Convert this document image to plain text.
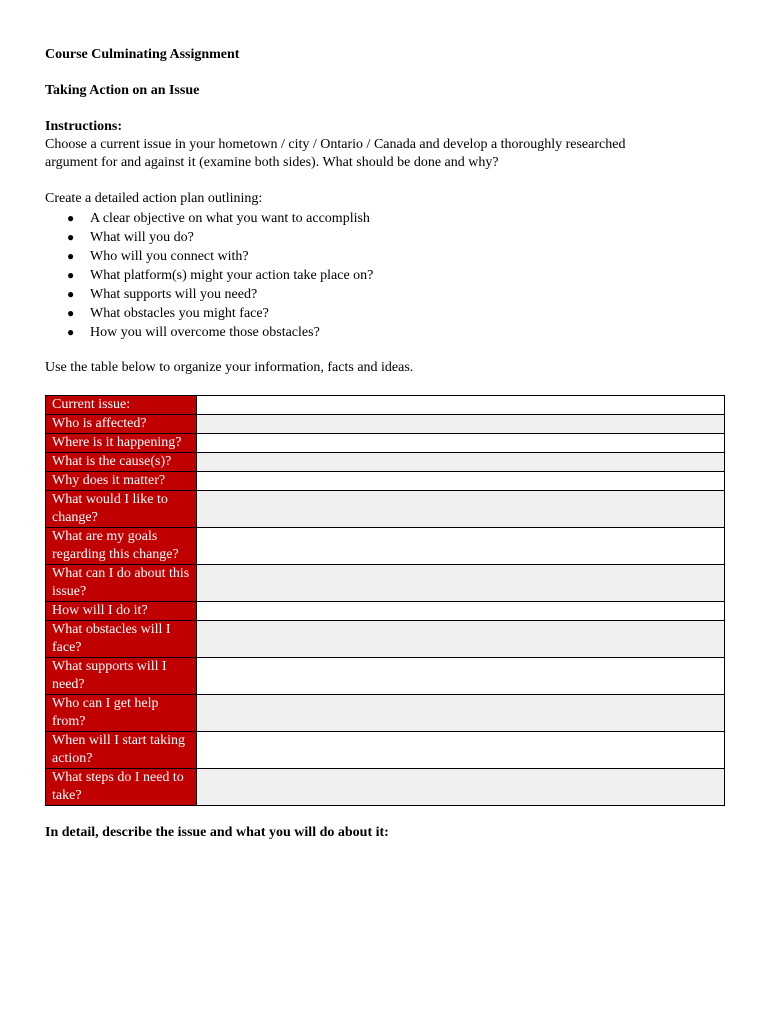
Course Culminating Assignment
Taking Action on an Issue
Instructions:
Choose a current issue in your hometown / city / Ontario / Canada and develop a thoroughly researched
argument for and against it (examine both sides). What should be done and why?
Create a detailed action plan outlining:
● A clear objective on what you want to accomplish
● What will you do?
● Who will you connect with?
● What platform(s) might your action take place on?
● What supports will you need?
● What obstacles you might face?
● How you will overcome those obstacles?
Use the table below to organize your information, facts and ideas.
Current issue:	
Who is affected?	
Where is it happening?	
What is the cause(s)?	
Why does it matter?	
What would I like to change?	
What are my goals regarding this change?	
What can I do about this issue?	
How will I do it?	
What obstacles will I face?	
What supports will I need?	
Who can I get help from?	
When will I start taking action?	
What steps do I need to take?	
In detail, describe the issue and what you will do about it:
